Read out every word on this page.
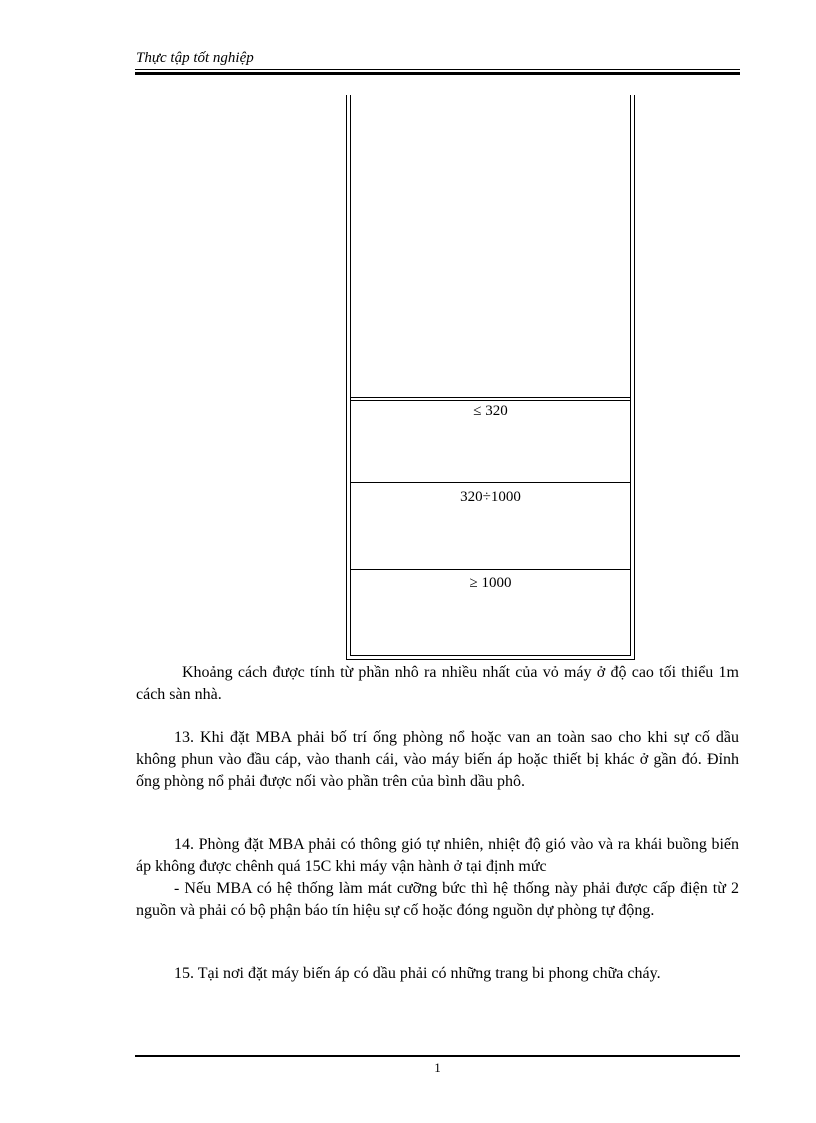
Thực tập tốt nghiệp
≤ 320
320÷1000
≥ 1000

Khoảng cách được tính từ phần nhô ra nhiều nhất của vỏ máy ở độ cao tối thiểu 1m cách sàn nhà.

13. Khi đặt MBA phải bố trí ống phòng nổ hoặc van an toàn sao cho khi sự cố dầu không phun vào đầu cáp, vào thanh cái, vào máy biến áp hoặc thiết bị khác ở gần đó. Đỉnh ống phòng nổ phải được nối vào phần trên của bình dầu phô.

14. Phòng đặt MBA phải có thông gió tự nhiên, nhiệt độ gió vào và ra khái buồng biến áp không được chênh quá 15C khi máy vận hành ở tại định mức

- Nếu MBA có hệ thống làm mát cưỡng bức thì hệ thống này phải được cấp điện từ 2 nguồn và phải có bộ phận báo tín hiệu sự cố hoặc đóng nguồn dự phòng tự động.

15. Tại nơi đặt máy biến áp có dầu phải có những trang bi phong chữa cháy.

1
